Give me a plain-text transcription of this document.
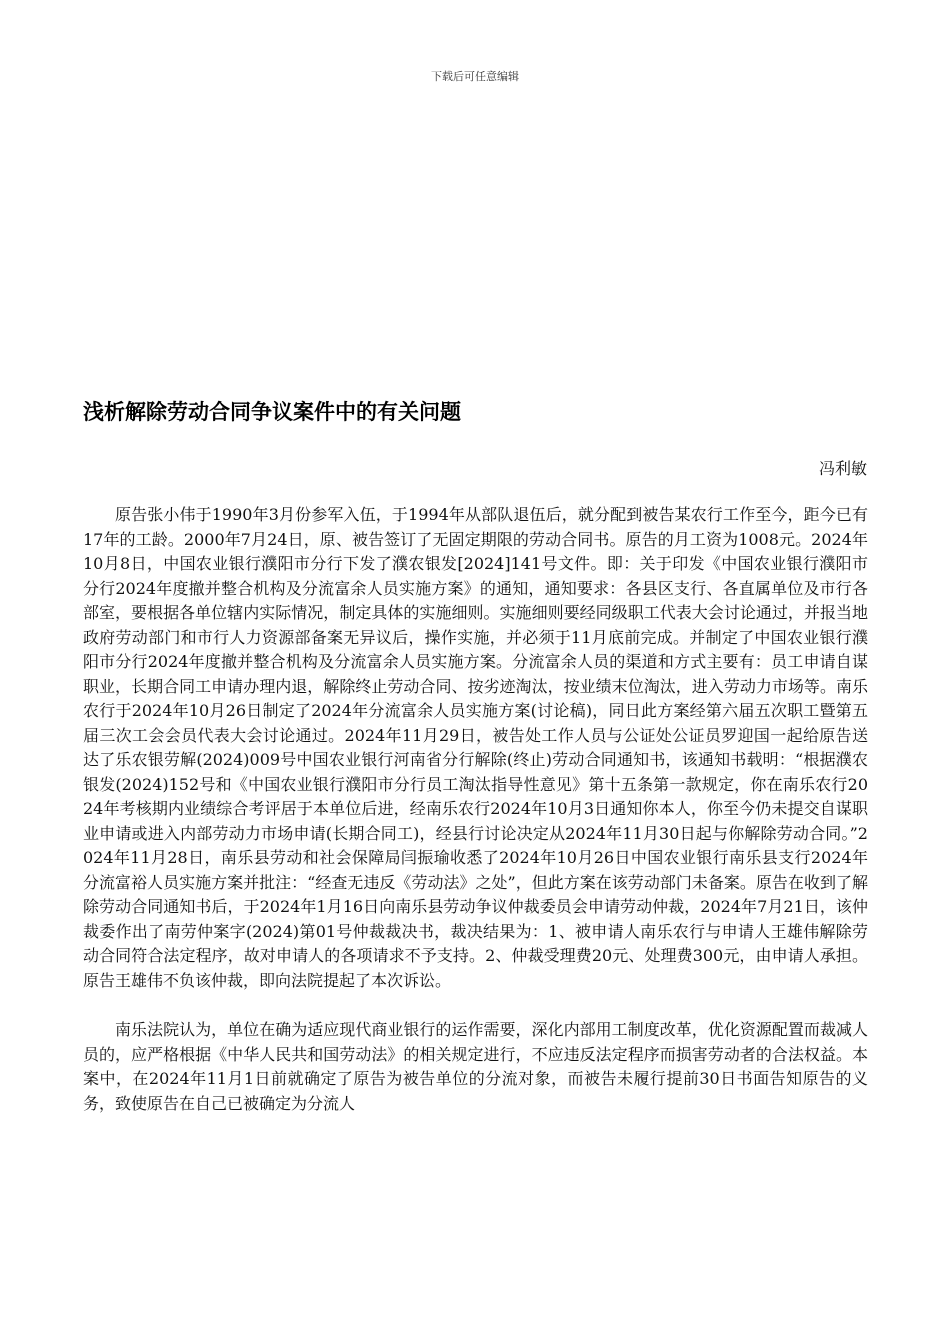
下载后可任意编辑
浅析解除劳动合同争议案件中的有关问题
冯利敏

原告张小伟于1990年3月份参军入伍，于1994年从部队退伍后，就分配到被告某农行工作至今，距今已有17年的工龄。2000年7月24日，原、被告签订了无固定期限的劳动合同书。原告的月工资为1008元。2024年10月8日，中国农业银行濮阳市分行下发了濮农银发[2024]141号文件。即：关于印发《中国农业银行濮阳市分行2024年度撤并整合机构及分流富余人员实施方案》的通知，通知要求：各县区支行、各直属单位及市行各部室，要根据各单位辖内实际情况，制定具体的实施细则。实施细则要经同级职工代表大会讨论通过，并报当地政府劳动部门和市行人力资源部备案无异议后，操作实施，并必须于11月底前完成。并制定了中国农业银行濮阳市分行2024年度撤并整合机构及分流富余人员实施方案。分流富余人员的渠道和方式主要有：员工申请自谋职业，长期合同工申请办理内退，解除终止劳动合同、按劣迹淘汰，按业绩末位淘汰，进入劳动力市场等。南乐农行于2024年10月26日制定了2024年分流富余人员实施方案(讨论稿)，同日此方案经第六届五次职工暨第五届三次工会会员代表大会讨论通过。2024年11月29日，被告处工作人员与公证处公证员罗迎国一起给原告送达了乐农银劳解(2024)009号中国农业银行河南省分行解除(终止)劳动合同通知书，该通知书载明：“根据濮农银发(2024)152号和《中国农业银行濮阳市分行员工淘汰指导性意见》第十五条第一款规定，你在南乐农行2024年考核期内业绩综合考评居于本单位后进，经南乐农行2024年10月3日通知你本人，你至今仍未提交自谋职业申请或进入内部劳动力市场申请(长期合同工)，经县行讨论决定从2024年11月30日起与你解除劳动合同。”2024年11月28日，南乐县劳动和社会保障局闫振瑜收悉了2024年10月26日中国农业银行南乐县支行2024年分流富裕人员实施方案并批注：“经查无违反《劳动法》之处”，但此方案在该劳动部门未备案。原告在收到了解除劳动合同通知书后，于2024年1月16日向南乐县劳动争议仲裁委员会申请劳动仲裁，2024年7月21日，该仲裁委作出了南劳仲案字(2024)第01号仲裁裁决书，裁决结果为：1、被申请人南乐农行与申请人王雄伟解除劳动合同符合法定程序，故对申请人的各项请求不予支持。2、仲裁受理费20元、处理费300元，由申请人承担。原告王雄伟不负该仲裁，即向法院提起了本次诉讼。

南乐法院认为，单位在确为适应现代商业银行的运作需要，深化内部用工制度改革，优化资源配置而裁减人员的，应严格根据《中华人民共和国劳动法》的相关规定进行，不应违反法定程序而损害劳动者的合法权益。本案中，在2024年11月1日前就确定了原告为被告单位的分流对象，而被告未履行提前30日书面告知原告的义务，致使原告在自己已被确定为分流人
